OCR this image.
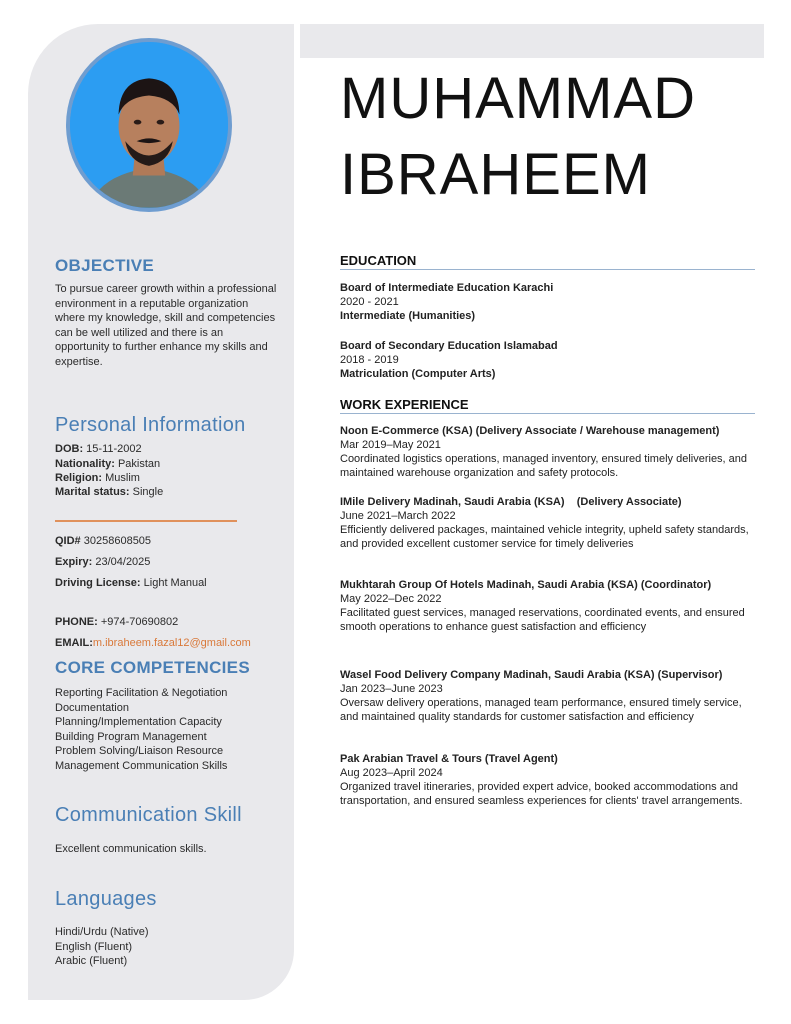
MUHAMMAD
IBRAHEEM
OBJECTIVE
To pursue career growth within a professional environment in a reputable organization where my knowledge, skill and competencies can be well utilized and there is an opportunity to further enhance my skills and expertise.
Personal Information
DOB: 15-11-2002
Nationality: Pakistan
Religion: Muslim
Marital status: Single
QID# 30258608505
Expiry: 23/04/2025
Driving License: Light Manual
PHONE: +974-70690802
EMAIL:m.ibraheem.fazal12@gmail.com
CORE COMPETENCIES
Reporting Facilitation & Negotiation
Documentation
Planning/Implementation Capacity
Building Program Management
Problem Solving/Liaison Resource
Management Communication Skills
Communication Skill
Excellent communication skills.
Languages
Hindi/Urdu (Native)
English (Fluent)
Arabic (Fluent)
EDUCATION
Board of Intermediate Education Karachi
2020 - 2021
Intermediate (Humanities)
Board of Secondary Education Islamabad
2018 - 2019
Matriculation (Computer Arts)
WORK EXPERIENCE
Noon E-Commerce (KSA) (Delivery Associate / Warehouse management)
Mar 2019–May 2021
Coordinated logistics operations, managed inventory, ensured timely deliveries, and maintained warehouse organization and safety protocols.
IMile Delivery Madinah, Saudi Arabia (KSA)    (Delivery Associate)
June 2021–March 2022
Efficiently delivered packages, maintained vehicle integrity, upheld safety standards, and provided excellent customer service for timely deliveries
Mukhtarah Group Of Hotels Madinah, Saudi Arabia (KSA) (Coordinator)
May 2022–Dec 2022
Facilitated guest services, managed reservations, coordinated events, and ensured smooth operations to enhance guest satisfaction and efficiency
Wasel Food Delivery Company Madinah, Saudi Arabia (KSA) (Supervisor)
Jan 2023–June 2023
Oversaw delivery operations, managed team performance, ensured timely service, and maintained quality standards for customer satisfaction and efficiency
Pak Arabian Travel & Tours (Travel Agent)
Aug 2023–April 2024
Organized travel itineraries, provided expert advice, booked accommodations and transportation, and ensured seamless experiences for clients' travel arrangements.
